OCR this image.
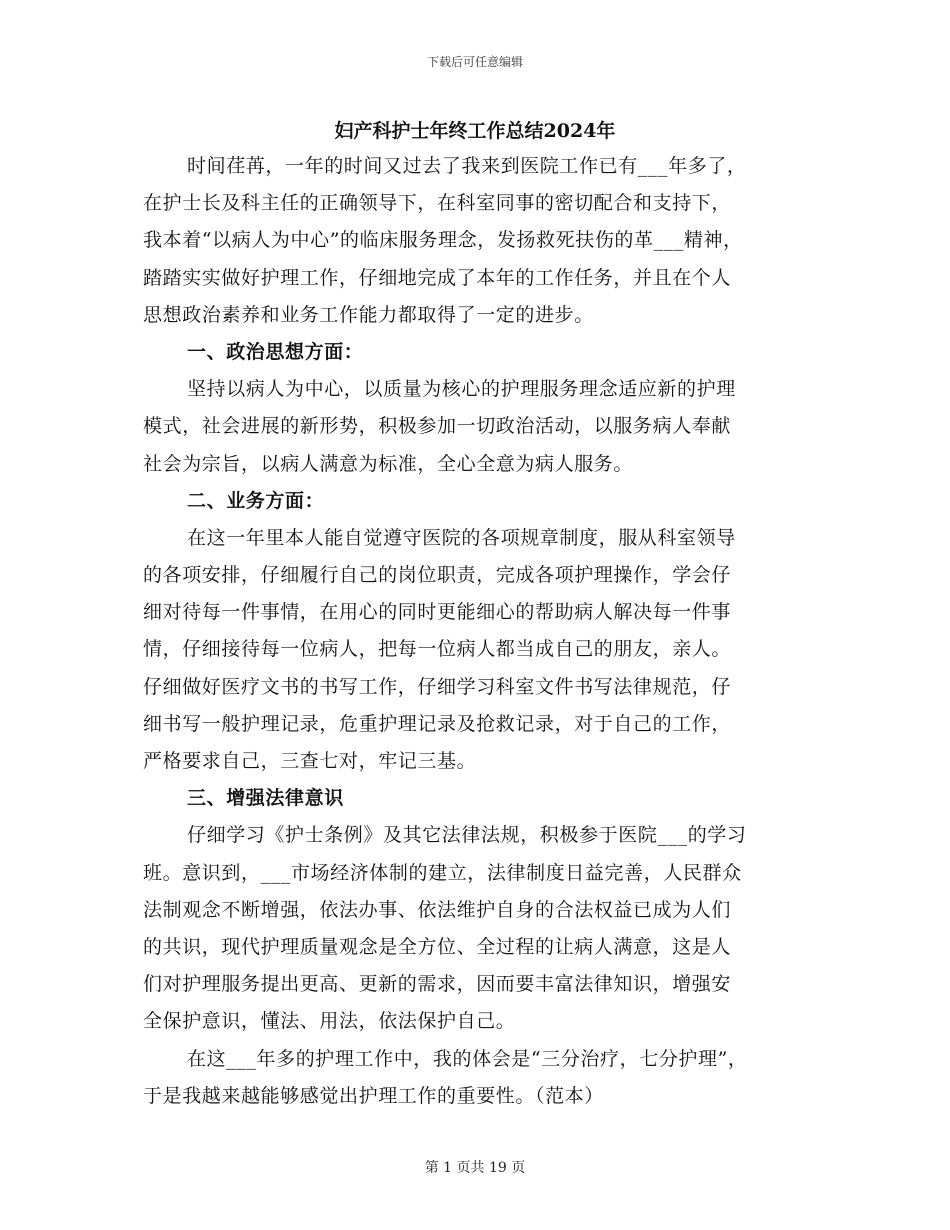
下载后可任意编辑
妇产科护士年终工作总结2024年
时间荏苒，一年的时间又过去了我来到医院工作已有___年多了，
在护士长及科主任的正确领导下，在科室同事的密切配合和支持下，
我本着“以病人为中心”的临床服务理念，发扬救死扶伤的革___精神，
踏踏实实做好护理工作，仔细地完成了本年的工作任务，并且在个人
思想政治素养和业务工作能力都取得了一定的进步。
一、政治思想方面：
坚持以病人为中心，以质量为核心的护理服务理念适应新的护理
模式，社会进展的新形势，积极参加一切政治活动，以服务病人奉献
社会为宗旨，以病人满意为标准，全心全意为病人服务。
二、业务方面：
在这一年里本人能自觉遵守医院的各项规章制度，服从科室领导
的各项安排，仔细履行自己的岗位职责，完成各项护理操作，学会仔
细对待每一件事情，在用心的同时更能细心的帮助病人解决每一件事
情，仔细接待每一位病人，把每一位病人都当成自己的朋友，亲人。
仔细做好医疗文书的书写工作，仔细学习科室文件书写法律规范，仔
细书写一般护理记录，危重护理记录及抢救记录，对于自己的工作，
严格要求自己，三查七对，牢记三基。
三、增强法律意识
仔细学习《护士条例》及其它法律法规，积极参于医院___的学习
班。意识到，___市场经济体制的建立，法律制度日益完善，人民群众
法制观念不断增强，依法办事、依法维护自身的合法权益已成为人们
的共识，现代护理质量观念是全方位、全过程的让病人满意，这是人
们对护理服务提出更高、更新的需求，因而要丰富法律知识，增强安
全保护意识，懂法、用法，依法保护自己。
在这___年多的护理工作中，我的体会是“三分治疗，七分护理”，
于是我越来越能够感觉出护理工作的重要性。（范本）
第 1 页共 19 页
